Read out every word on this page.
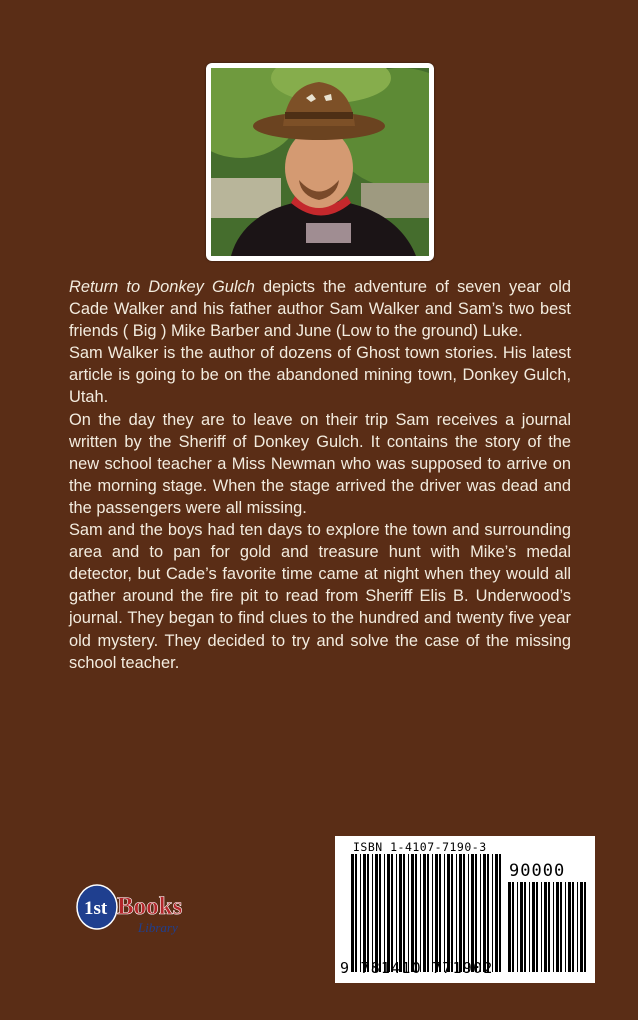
Return to Donkey Gulch depicts the adventure of seven year old Cade Walker and his father author Sam Walker and Sam’s two best friends ( Big ) Mike Barber and June (Low to the ground) Luke.

Sam Walker is the author of dozens of Ghost town stories. His latest article is going to be on the abandoned mining town, Donkey Gulch, Utah.

On the day they are to leave on their trip Sam receives a journal written by the Sheriff of Donkey Gulch. It contains the story of the new school teacher a Miss Newman who was supposed to arrive on the morning stage. When the stage arrived the driver was dead and the passengers were all missing.

Sam and the boys had ten days to explore the town and surrounding area and to pan for gold and treasure hunt with Mike’s medal detector, but Cade’s favorite time came at night when they would all gather around the fire pit to read from Sheriff Elis B. Underwood’s journal. They began to find clues to the hundred and twenty five year old mystery. They decided to try and solve the case of the missing school teacher.

1st Books
Library
ISBN 1-4107-7190-3
90000
9 781410 771902
